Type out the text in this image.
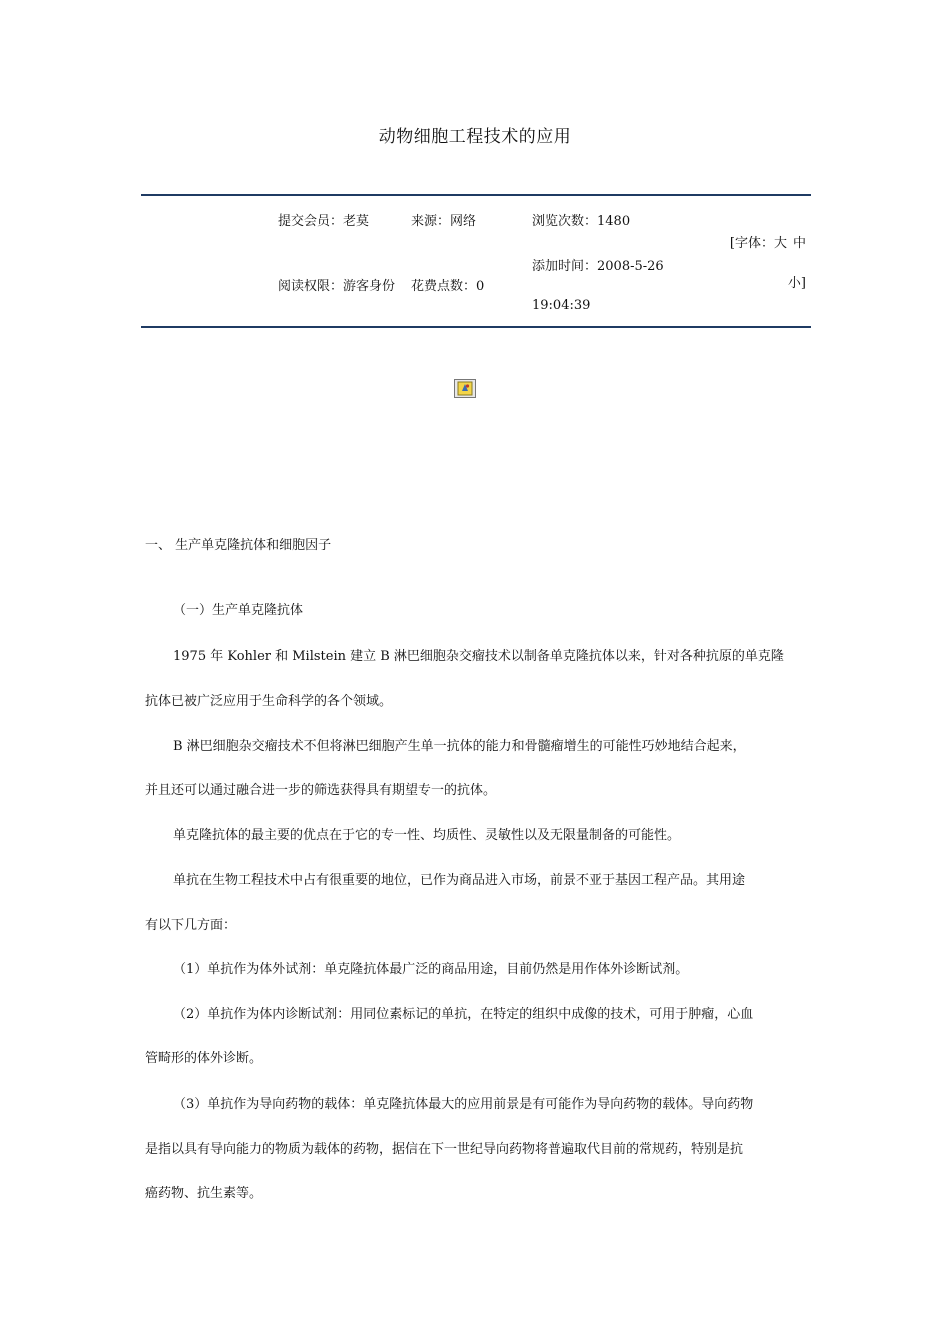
动物细胞工程技术的应用
提交会员：老莫	来源：网络	浏览次数：1480
阅读权限：游客身份 花费点数：0
添加时间：2008-5-26
19:04:39
[字体：大 中
小]
一、 生产单克隆抗体和细胞因子
（一）生产单克隆抗体
1975 年 Kohler 和 Milstein 建立 B 淋巴细胞杂交瘤技术以制备单克隆抗体以来，针对各种抗原的单克隆
抗体已被广泛应用于生命科学的各个领域。
B 淋巴细胞杂交瘤技术不但将淋巴细胞产生单一抗体的能力和骨髓瘤增生的可能性巧妙地结合起来，
并且还可以通过融合进一步的筛选获得具有期望专一的抗体。
单克隆抗体的最主要的优点在于它的专一性、均质性、灵敏性以及无限量制备的可能性。
单抗在生物工程技术中占有很重要的地位，已作为商品进入市场，前景不亚于基因工程产品。其用途
有以下几方面：
（1）单抗作为体外试剂：单克隆抗体最广泛的商品用途，目前仍然是用作体外诊断试剂。
（2）单抗作为体内诊断试剂：用同位素标记的单抗，在特定的组织中成像的技术，可用于肿瘤，心血
管畸形的体外诊断。
（3）单抗作为导向药物的载体：单克隆抗体最大的应用前景是有可能作为导向药物的载体。导向药物
是指以具有导向能力的物质为载体的药物，据信在下一世纪导向药物将普遍取代目前的常规药，特别是抗
癌药物、抗生素等。
